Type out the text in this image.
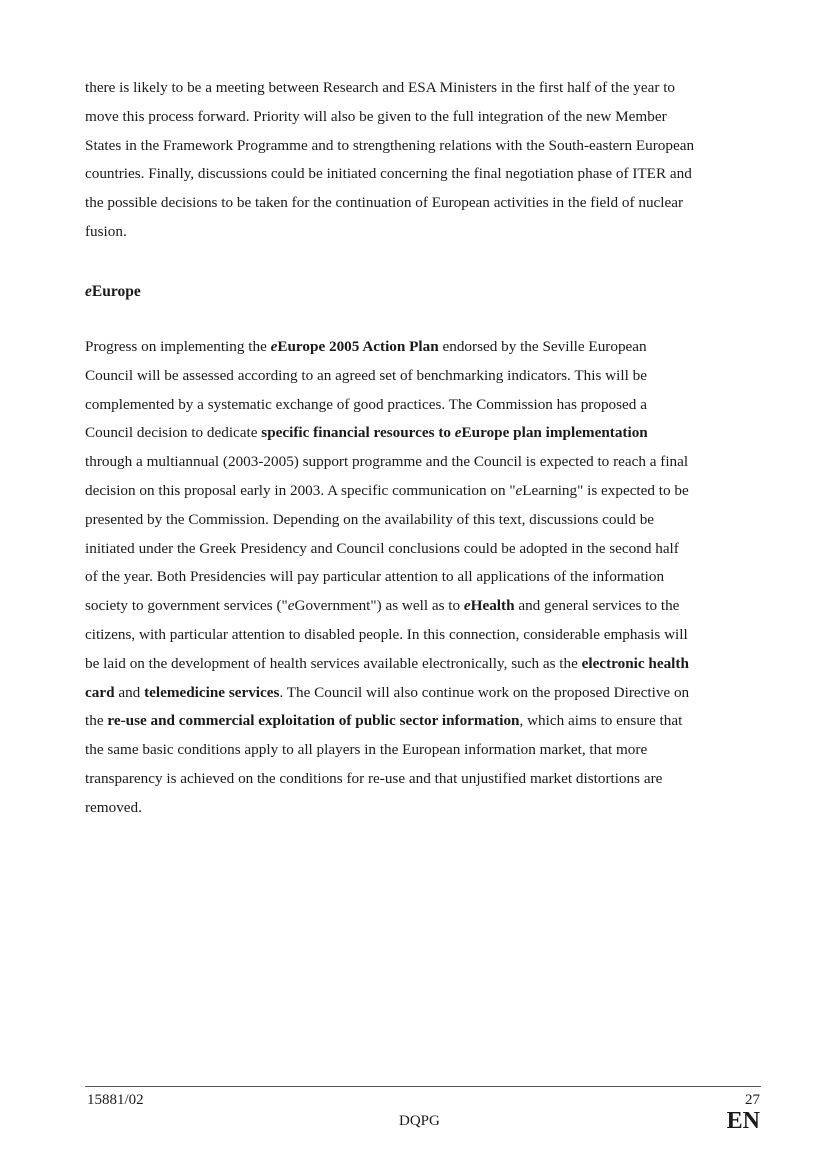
there is likely to be a meeting between Research and ESA Ministers in the first half of the year to
move this process forward. Priority will also be given to the full integration of the new Member
States in the Framework Programme and to strengthening relations with the South-eastern European
countries. Finally, discussions could be initiated concerning the final negotiation phase of ITER and
the possible decisions to be taken for the continuation of European activities in the field of nuclear
fusion.
eEurope
Progress on implementing the eEurope 2005 Action Plan endorsed by the Seville European
Council will be assessed according to an agreed set of benchmarking indicators. This will be
complemented by a systematic exchange of good practices. The Commission has proposed a
Council decision to dedicate specific financial resources to eEurope plan implementation
through a multiannual (2003-2005) support programme and the Council is expected to reach a final
decision on this proposal early in 2003. A specific communication on "eLearning" is expected to be
presented by the Commission. Depending on the availability of this text, discussions could be
initiated under the Greek Presidency and Council conclusions could be adopted in the second half
of the year. Both Presidencies will pay particular attention to all applications of the information
society to government services ("eGovernment") as well as to eHealth and general services to the
citizens, with particular attention to disabled people. In this connection, considerable emphasis will
be laid on the development of health services available electronically, such as the electronic health
card and telemedicine services. The Council will also continue work on the proposed Directive on
the re-use and commercial exploitation of public sector information, which aims to ensure that
the same basic conditions apply to all players in the European information market, that more
transparency is achieved on the conditions for re-use and that unjustified market distortions are
removed.
15881/02
DQPG
27
EN
